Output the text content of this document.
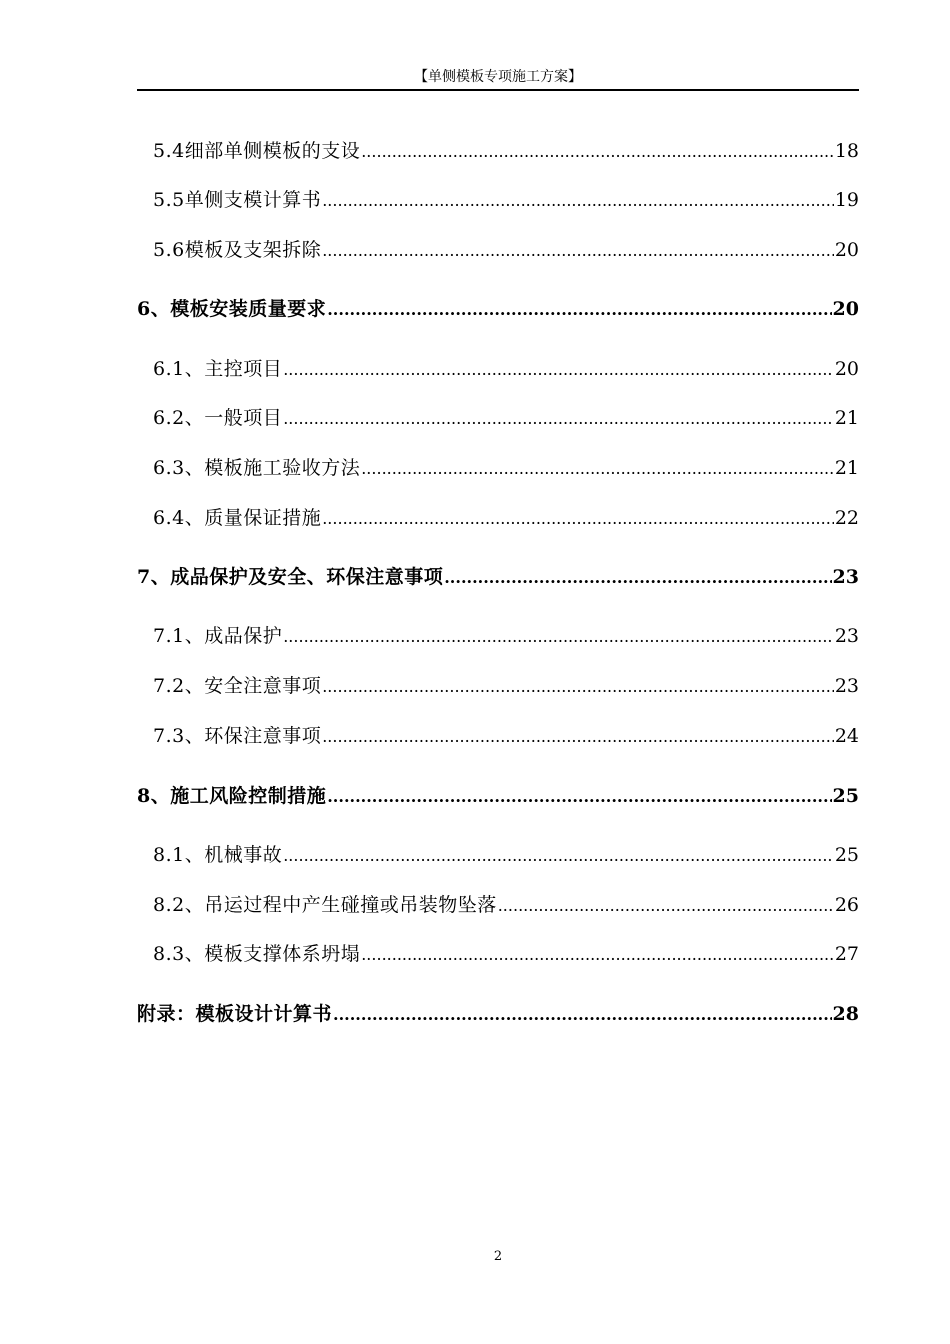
【单侧模板专项施工方案】
5.4细部单侧模板的支设 .....	18
5.5单侧支模计算书 .....	19
5.6模板及支架拆除 .....	20
6、模板安装质量要求 .....	20
6.1、主控项目 .....	20
6.2、一般项目 .....	21
6.3、模板施工验收方法 .....	21
6.4、质量保证措施 .....	22
7、成品保护及安全、环保注意事项 .....	23
7.1、成品保护 .....	23
7.2、安全注意事项 .....	23
7.3、环保注意事项 .....	24
8、施工风险控制措施 .....	25
8.1、机械事故 .....	25
8.2、吊运过程中产生碰撞或吊装物坠落 .....	26
8.3、模板支撑体系坍塌 .....	27
附录：模板设计计算书 .....	28
2
